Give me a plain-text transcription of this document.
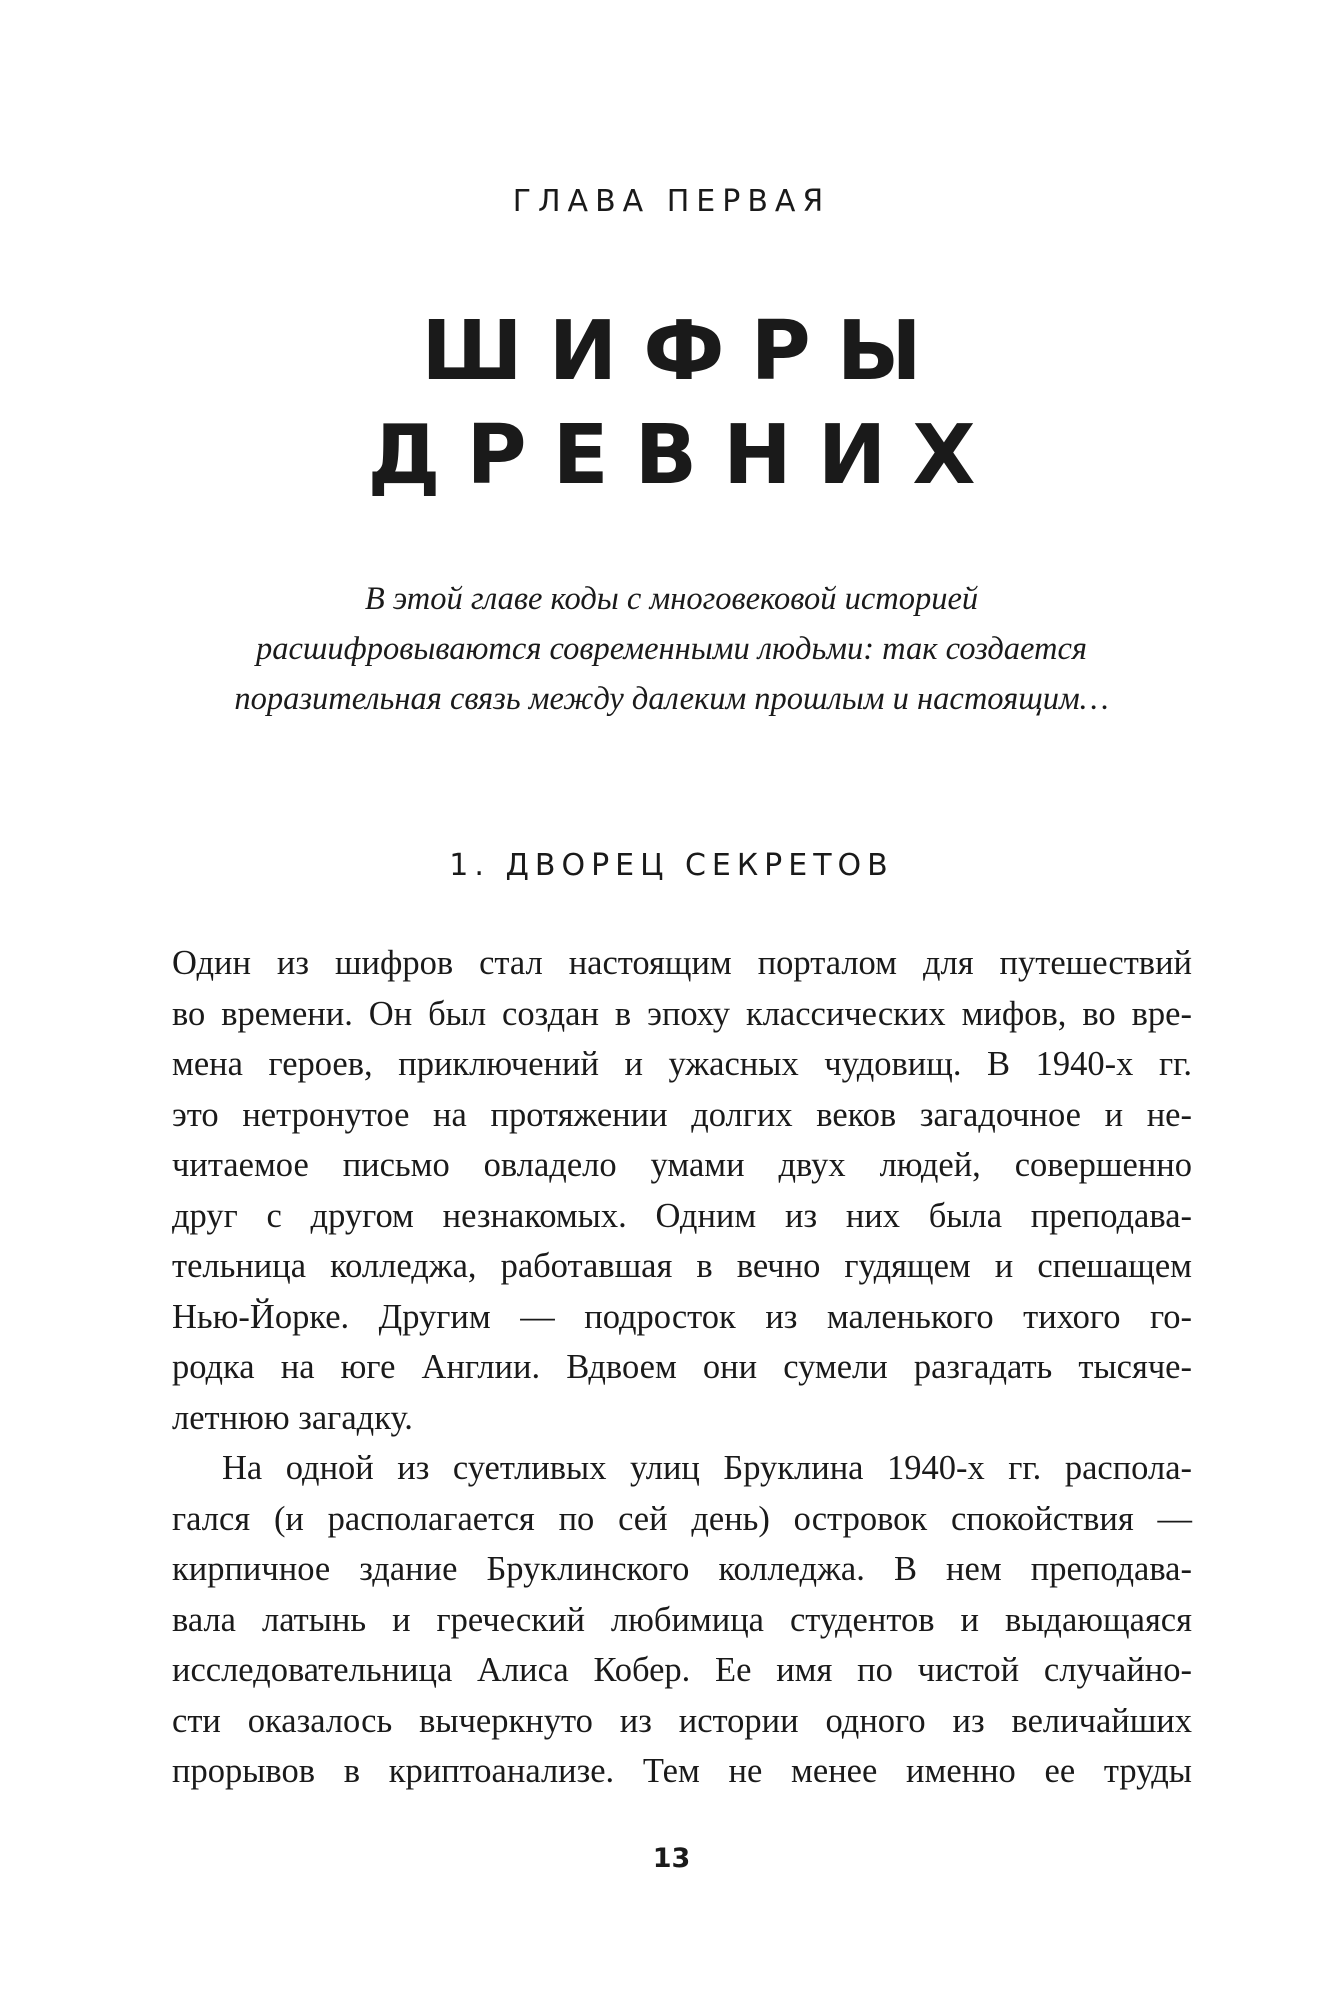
ГЛАВА ПЕРВАЯ
ШИФРЫ
ДРЕВНИХ
В этой главе коды с многовековой историей
расшифровываются современными людьми: так создается
поразительная связь между далеким прошлым и настоящим…
1. ДВОРЕЦ СЕКРЕТОВ
Один из шифров стал настоящим порталом для путешествий
во времени. Он был создан в эпоху классических мифов, во вре-
мена героев, приключений и ужасных чудовищ. В 1940-х гг.
это нетронутое на протяжении долгих веков загадочное и не-
читаемое письмо овладело умами двух людей, совершенно
друг с другом незнакомых. Одним из них была преподава-
тельница колледжа, работавшая в вечно гудящем и спешащем
Нью-Йорке. Другим — подросток из маленького тихого го-
родка на юге Англии. Вдвоем они сумели разгадать тысяче-
летнюю загадку.
На одной из суетливых улиц Бруклина 1940-х гг. распола-
гался (и располагается по сей день) островок спокойствия —
кирпичное здание Бруклинского колледжа. В нем преподава-
вала латынь и греческий любимица студентов и выдающаяся
исследовательница Алиса Кобер. Ее имя по чистой случайно-
сти оказалось вычеркнуто из истории одного из величайших
прорывов в криптоанализе. Тем не менее именно ее труды
13
